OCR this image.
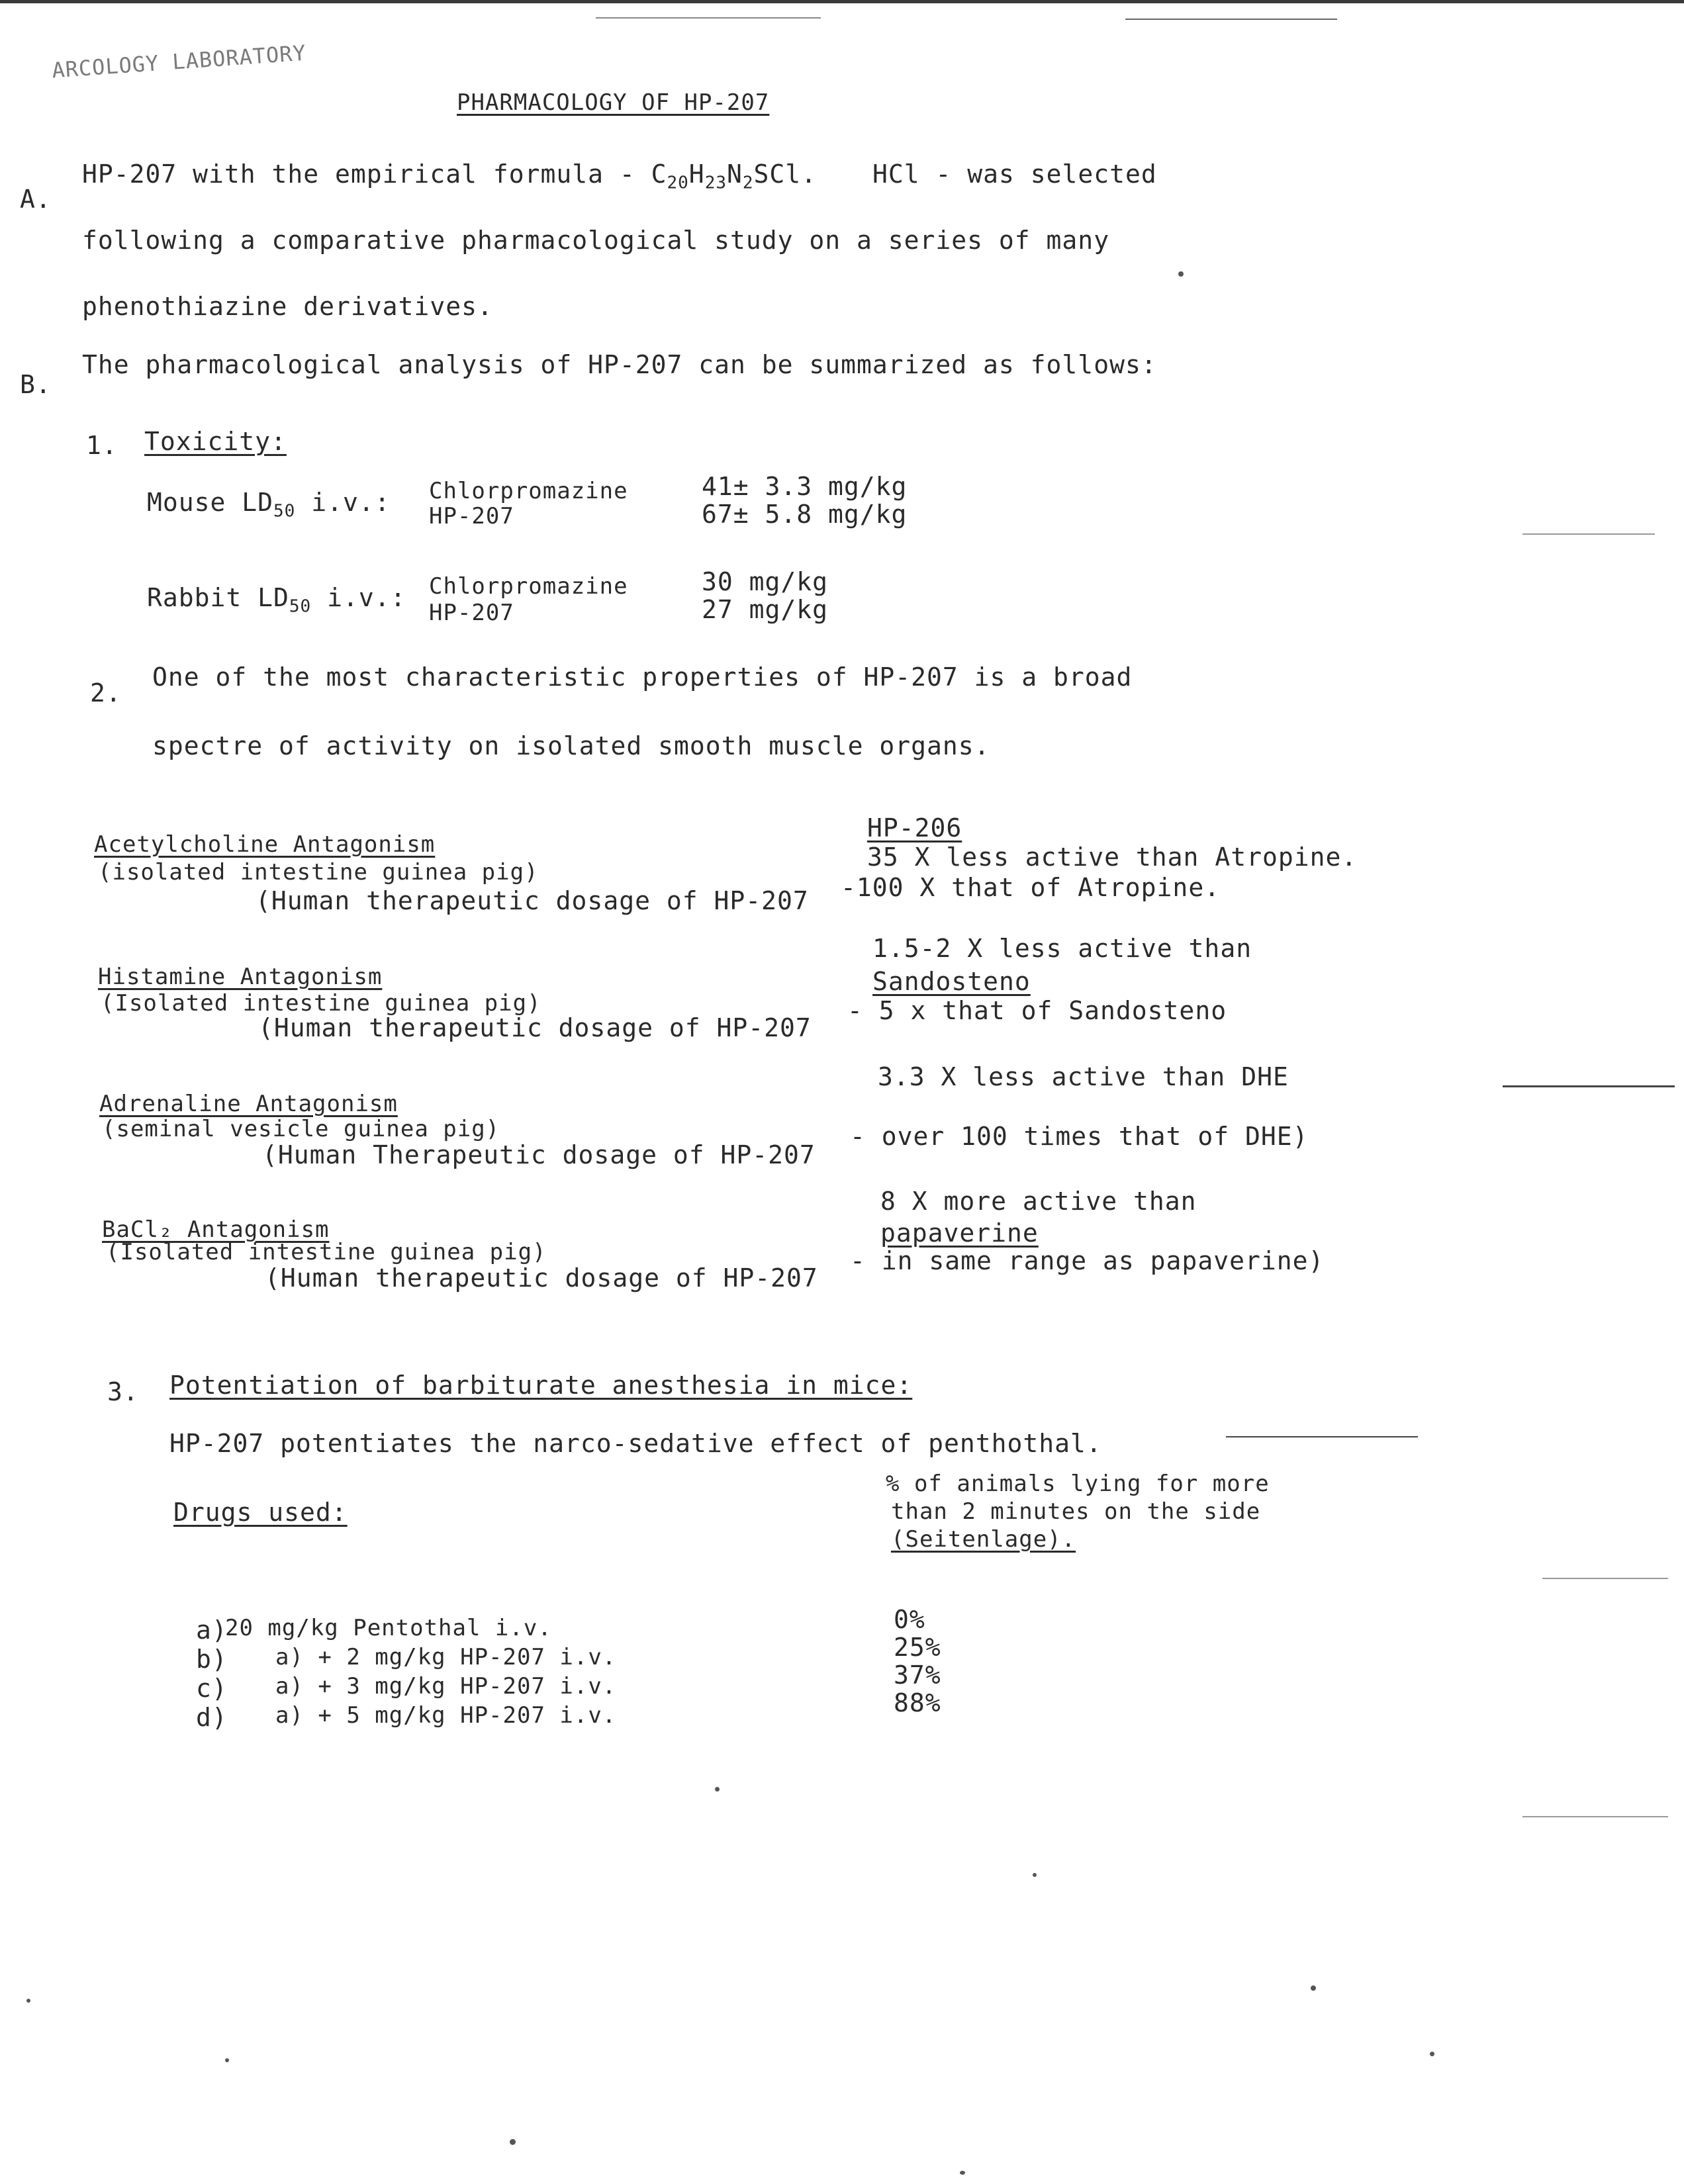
ARCOLOGY LABORATORY
PHARMACOLOGY OF HP-207
A.
HP-207 with the empirical formula - $C_{20}H_{23}N_2SCl$. HCl - was selected
following a comparative pharmacological study on a series of many
phenothiazine derivatives.
B.
The pharmacological analysis of HP-207 can be summarized as follows:
1. Toxicity:
Mouse $LD_{50}$ i.v.: Chlorpromazine
HP-207
41± 3.3 mg/kg
67± 5.8 mg/kg
Rabbit $LD_{50}$ i.v.: Chlorpromazine
HP-207
30 mg/kg
27 mg/kg
2.
One of the most characteristic properties of HP-207 is a broad
spectre of activity on isolated smooth muscle organs.
HP-206
Acetylcholine Antagonism
(isolated intestine guinea pig)
(Human therapeutic dosage of HP-207
35 X less active than Atropine.
-100 X that of Atropine.
Histamine Antagonism
(Isolated intestine guinea pig)
(Human therapeutic dosage of HP-207
1.5-2 X less active than
Sandosteno
- 5 x that of Sandosteno
Adrenaline Antagonism
(seminal vesicle guinea pig)
(Human Therapeutic dosage of HP-207
3.3 X less active than DHE
- over 100 times that of DHE)
BaCl₂ Antagonism
(Isolated intestine guinea pig)
(Human therapeutic dosage of HP-207
8 X more active than
papaverine
- in same range as papaverine)
3. Potentiation of barbiturate anesthesia in mice:
HP-207 potentiates the narco-sedative effect of penthothal.
Drugs used:
% of animals lying for more
than 2 minutes on the side
(Seitenlage).
a)
20 mg/kg Pentothal i.v.
b) a) + 2 mg/kg HP-207 i.v.
c) a) + 3 mg/kg HP-207 i.v.
d) a) + 5 mg/kg HP-207 i.v.
0%
25%
37%
88%
